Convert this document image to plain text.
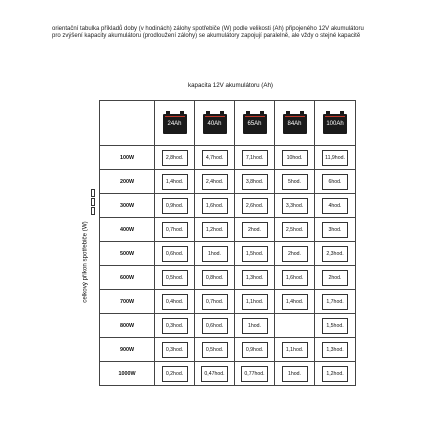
orientační tabulka příkladů doby (v hodinách) zálohy spotřebiče (W) podle velikosti (Ah) připojeného 12V akumulátoru

pro zvýšení kapacity akumulátoru (prodloužení zálohy) se akumulátory zapojují paralelně, ale vždy o stejné kapacitě

kapacita 12V akumulátoru (Ah)
celkový příkon spotřebiče (W)

	24Ah	40Ah	65Ah	84Ah	100Ah

100W	2,8hod.	4,7hod.	7,1hod.	10hod.	11,9hod.
200W	1,4hod.	2,4hod.	3,8hod.	5hod.	6hod.
300W	0,9hod.	1,6hod.	2,6hod.	3,3hod.	4hod.
400W	0,7hod.	1,2hod.	2hod.	2,5hod.	3hod.
500W	0,6hod.	1hod.	1,5hod.	2hod.	2,3hod.
600W	0,5hod.	0,8hod.	1,3hod.	1,6hod.	2hod.
700W	0,4hod.	0,7hod.	1,1hod.	1,4hod.	1,7hod.
800W	0,3hod.	0,6hod.	1hod.		1,5hod.
900W	0,3hod.	0,5hod.	0,9hod.	1,1hod.	1,3hod.
1000W	0,2hod.	0,47hod.	0,77hod.	1hod.	1,2hod.
